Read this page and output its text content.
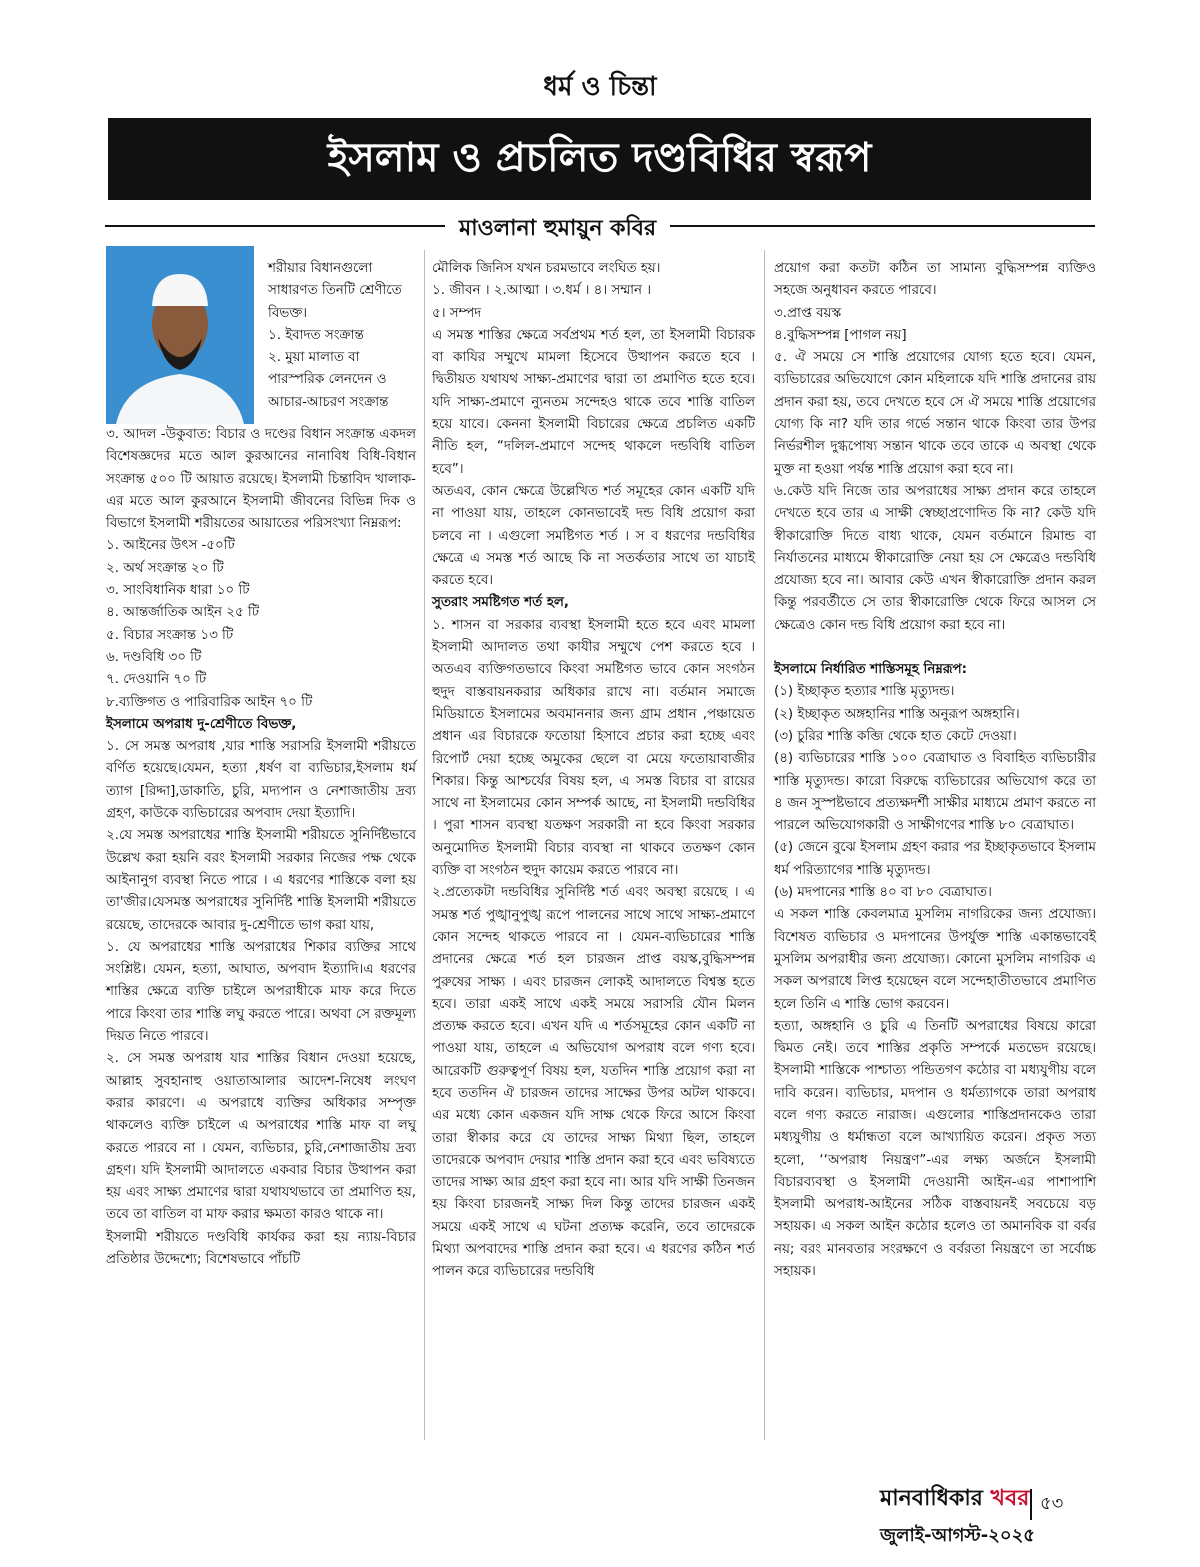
ধর্ম ও চিন্তা
ইসলাম ও প্রচলিত দণ্ডবিধির স্বরূপ
মাওলানা হুমায়ুন কবির

শরীয়ার বিধানগুলো সাধারণত তিনটি শ্রেণীতে বিভক্ত।

১. ইবাদত সংক্রান্ত

২. মুয়া মালাত বা পারস্পরিক লেনদেন ও আচার-আচরণ সংক্রান্ত

৩. আদল -উকুবাত: বিচার ও দণ্ডের বিধান সংক্রান্ত একদল বিশেষজ্ঞদের মতে আল কুরআনের নানাবিধ বিধি-বিধান সংক্রান্ত ৫০০ টি আয়াত রয়েছে। ইসলামী চিন্তাবিদ খালাক-এর মতে আল কুরআনে ইসলামী জীবনের বিভিন্ন দিক ও বিভাগে ইসলামী শরীয়তের আয়াতের পরিসংখ্যা নিম্নরূপ:

১. আইনের উৎস -৫০টি

২. অর্থ সংক্রান্ত ২০ টি

৩. সাংবিধানিক ধারা ১০ টি

৪. আন্তর্জাতিক আইন ২৫ টি

৫. বিচার সংক্রান্ত ১৩ টি

৬. দণ্ডবিধি ৩০ টি

৭. দেওয়ানি ৭০ টি

৮.ব্যক্তিগত ও পারিবারিক আইন ৭০ টি

ইসলামে অপরাধ দু-শ্রেণীতে বিভক্ত,

১. সে সমস্ত অপরাধ ,যার শাস্তি সরাসরি ইসলামী শরীয়তে বর্ণিত হয়েছে।যেমন, হত্যা ,ধর্ষণ বা ব্যভিচার,ইসলাম ধর্ম ত্যাগ [রিদ্দা],ডাকাতি, চুরি, মদ্যপান ও নেশাজাতীয় দ্রব্য গ্রহণ, কাউকে ব্যভিচারের অপবাদ দেয়া ইত্যাদি।

২.যে সমস্ত অপরাধের শাস্তি ইসলামী শরীয়তে সুনির্দিষ্টভাবে উল্লেখ করা হয়নি বরং ইসলামী সরকার নিজের পক্ষ থেকে আইনানুগ ব্যবস্থা নিতে পারে । এ ধরণের শাস্তিকে বলা হয় তা'জীর।যেসমস্ত অপরাধের সুনির্দিষ্ট শাস্তি ইসলামী শরীয়তে রয়েছে, তাদেরকে আবার দু-শ্রেণীতে ভাগ করা যায়,

১. যে অপরাধের শাস্তি অপরাধের শিকার ব্যক্তির সাথে সংশ্লিষ্ট। যেমন, হত্যা, আঘাত, অপবাদ ইত্যাদি।এ ধরণের শাস্তির ক্ষেত্রে ব্যক্তি চাইলে অপরাধীকে মাফ করে দিতে পারে কিংবা তার শাস্তি লঘু করতে পারে। অথবা সে রক্তমূল্য দিয়ত নিতে পারবে।

২. সে সমস্ত অপরাধ যার শাস্তির বিধান দেওয়া হয়েছে, আল্লাহ সুবহানাহু ওয়াতাআলার আদেশ-নিষেধ লংঘণ করার কারণে। এ অপরাধে ব্যক্তির অধিকার সম্পৃক্ত থাকলেও ব্যক্তি চাইলে এ অপরাধের শাস্তি মাফ বা লঘু করতে পারবে না । যেমন, ব্যভিচার, চুরি,নেশাজাতীয় দ্রব্য গ্রহণ। যদি ইসলামী আদালতে একবার বিচার উত্থাপন করা হয় এবং সাক্ষ্য প্রমাণের দ্বারা যথাযথভাবে তা প্রমাণিত হয়, তবে তা বাতিল বা মাফ করার ক্ষমতা কারও থাকে না।

ইসলামী শরীয়তে দণ্ডবিধি কার্যকর করা হয় ন্যায়-বিচার প্রতিষ্ঠার উদ্দেশ্যে; বিশেষভাবে পাঁচটি

মৌলিক জিনিস যখন চরমভাবে লংঘিত হয়।

১. জীবন । ২.আত্মা । ৩.ধর্ম । ৪। সম্মান ।

৫। সম্পদ

এ সমস্ত শাস্তির ক্ষেত্রে সর্বপ্রথম শর্ত হল, তা ইসলামী বিচারক বা কাযির সম্মুখে মামলা হিসেবে উত্থাপন করতে হবে । দ্বিতীয়ত যথাযথ সাক্ষ্য-প্রমাণের দ্বারা তা প্রমাণিত হতে হবে। যদি সাক্ষ্য-প্রমাণে ন্যুনতম সন্দেহও থাকে তবে শাস্তি বাতিল হয়ে যাবে। কেননা ইসলামী বিচারের ক্ষেত্রে প্রচলিত একটি নীতি হল, “দলিল-প্রমাণে সন্দেহ থাকলে দন্ডবিধি বাতিল হবে”।

অতএব, কোন ক্ষেত্রে উল্লেখিত শর্ত সমূহের কোন একটি যদি না পাওয়া যায়, তাহলে কোনভাবেই দন্ড বিধি প্রয়োগ করা চলবে না । এগুলো সমষ্টিগত শর্ত । স ব ধরণের দন্ডবিধির ক্ষেত্রে এ সমস্ত শর্ত আছে কি না সতর্কতার সাথে তা যাচাই করতে হবে।

সুতরাং সমষ্টিগত শর্ত হল,

১. শাসন বা সরকার ব্যবস্থা ইসলামী হতে হবে এবং মামলা ইসলামী আদালত তথা কাযীর সম্মুখে পেশ করতে হবে । অতএব ব্যক্তিগতভাবে কিংবা সমষ্টিগত ভাবে কোন সংগঠন হুদুদ বাস্তবায়নকরার অধিকার রাখে না। বর্তমান সমাজে মিডিয়াতে ইসলামের অবমাননার জন্য গ্রাম প্রধান ,পঞ্চায়েত প্রধান এর বিচারকে ফতোয়া হিসাবে প্রচার করা হচ্ছে এবং রিপোর্ট দেয়া হচ্ছে অমুকের ছেলে বা মেয়ে ফতোয়াবাজীর শিকার। কিন্তু আশ্চর্যের বিষয় হল, এ সমস্ত বিচার বা রায়ের সাথে না ইসলামের কোন সম্পর্ক আছে, না ইসলামী দন্ডবিধির । পুরা শাসন ব্যবস্থা যতক্ষণ সরকারী না হবে কিংবা সরকার অনুমোদিত ইসলামী বিচার ব্যবস্থা না থাকবে ততক্ষণ কোন ব্যক্তি বা সংগঠন হুদুদ কায়েম করতে পারবে না।

২.প্রত্যেকটা দন্ডবিধির সুনির্দিষ্ট শর্ত এবং অবস্থা রয়েছে । এ সমস্ত শর্ত পুঙ্খানুপুঙ্খ রূপে পালনের সাথে সাথে সাক্ষ্য-প্রমাণে কোন সন্দেহ থাকতে পারবে না । যেমন-ব্যভিচারের শাস্তি প্রদানের ক্ষেত্রে শর্ত হল চারজন প্রাপ্ত বয়স্ক,বুদ্ধিসম্পন্ন পুরুষের সাক্ষ্য । এবং চারজন লোকই আদালতে বিশ্বস্ত হতে হবে। তারা একই সাথে একই সময়ে সরাসরি যৌন মিলন প্রত্যক্ষ করতে হবে। এখন যদি এ শর্তসমূহের কোন একটি না পাওয়া যায়, তাহলে এ অভিযোগ অপরাধ বলে গণ্য হবে। আরেকটি গুরুত্বপূর্ণ বিষয় হল, যতদিন শাস্তি প্রয়োগ করা না হবে ততদিন ঐ চারজন তাদের সাক্ষের উপর অটল থাকবে। এর মধ্যে কোন একজন যদি সাক্ষ থেকে ফিরে আসে কিংবা তারা স্বীকার করে যে তাদের সাক্ষ্য মিথ্যা ছিল, তাহলে তাদেরকে অপবাদ দেয়ার শাস্তি প্রদান করা হবে এবং ভবিষ্যতে তাদের সাক্ষ্য আর গ্রহণ করা হবে না। আর যদি সাক্ষী তিনজন হয় কিংবা চারজনই সাক্ষ্য দিল কিন্তু তাদের চারজন একই সময়ে একই সাথে এ ঘটনা প্রত্যক্ষ করেনি, তবে তাদেরকে মিথ্যা অপবাদের শাস্তি প্রদান করা হবে। এ ধরণের কঠিন শর্ত পালন করে ব্যভিচারের দন্ডবিধি

প্রয়োগ করা কতটা কঠিন তা সামান্য বুদ্ধিসম্পন্ন ব্যক্তিও সহজে অনুধাবন করতে পারবে।

৩.প্রাপ্ত বয়স্ক

৪.বুদ্ধিসম্পন্ন [পাগল নয়]

৫. ঐ সময়ে সে শাস্তি প্রয়োগের যোগ্য হতে হবে। যেমন, ব্যভিচারের অভিযোগে কোন মহিলাকে যদি শাস্তি প্রদানের রায় প্রদান করা হয়, তবে দেখতে হবে সে ঐ সময়ে শাস্তি প্রয়োগের যোগ্য কি না? যদি তার গর্ভে সন্তান থাকে কিংবা তার উপর নির্ভরশীল দুগ্ধপোষ্য সন্তান থাকে তবে তাকে এ অবস্থা থেকে মুক্ত না হওয়া পর্যন্ত শাস্তি প্রয়োগ করা হবে না।

৬.কেউ যদি নিজে তার অপরাধের সাক্ষ্য প্রদান করে তাহলে দেখতে হবে তার এ সাক্ষী স্বেচ্ছাপ্রণোদিত কি না? কেউ যদি স্বীকারোক্তি দিতে বাধ্য থাকে, যেমন বর্তমানে রিমান্ড বা নির্যাতনের মাধ্যমে স্বীকারোক্তি নেয়া হয় সে ক্ষেত্রেও দন্ডবিধি প্রযোজ্য হবে না। আবার কেউ এখন স্বীকারোক্তি প্রদান করল কিন্তু পরবর্তীতে সে তার স্বীকারোক্তি থেকে ফিরে আসল সে ক্ষেত্রেও কোন দন্ড বিধি প্রয়োগ করা হবে না।

ইসলামে নির্ধারিত শাস্তিসমূহ নিম্নরূপ:

(১) ইচ্ছাকৃত হত্যার শাস্তি মৃত্যুদন্ড।

(২) ইচ্ছাকৃত অঙ্গহানির শাস্তি অনুরূপ অঙ্গহানি।

(৩) চুরির শাস্তি কব্জি থেকে হাত কেটে দেওয়া।

(৪) ব্যভিচারের শাস্তি ১০০ বেত্রাঘাত ও বিবাহিত ব্যভিচারীর শাস্তি মৃত্যুদন্ড। কারো বিরুদ্ধে ব্যভিচারের অভিযোগ করে তা ৪ জন সুস্পষ্টভাবে প্রত্যক্ষদর্শী সাক্ষীর মাধ্যমে প্রমাণ করতে না পারলে অভিযোগকারী ও সাক্ষীগণের শাস্তি ৮০ বেত্রাঘাত।

(৫) জেনে বুঝে ইসলাম গ্রহণ করার পর ইচ্ছাকৃতভাবে ইসলাম ধর্ম পরিত্যাগের শাস্তি মৃত্যুদন্ড।

(৬) মদপানের শাস্তি ৪০ বা ৮০ বেত্রাঘাত।

এ সকল শাস্তি কেবলমাত্র মুসলিম নাগরিকের জন্য প্রযোজ্য। বিশেষত ব্যভিচার ও মদপানের উপর্যুক্ত শাস্তি একান্তভাবেই মুসলিম অপরাধীর জন্য প্রযোজ্য। কোনো মুসলিম নাগরিক এ সকল অপরাধে লিপ্ত হয়েছেন বলে সন্দেহাতীতভাবে প্রমাণিত হলে তিনি এ শাস্তি ভোগ করবেন।

হত্যা, অঙ্গহানি ও চুরি এ তিনটি অপরাধের বিষয়ে কারো দ্বিমত নেই। তবে শাস্তির প্রকৃতি সম্পর্কে মতভেদ রয়েছে। ইসলামী শাস্তিকে পাশ্চাত্য পন্ডিতগণ কঠোর বা মধ্যযুগীয় বলে দাবি করেন। ব্যভিচার, মদপান ও ধর্মত্যাগকে তারা অপরাধ বলে গণ্য করতে নারাজ। এগুলোর শাস্তিপ্রদানকেও তারা মধ্যযুগীয় ও ধর্মান্ধতা বলে আখ্যায়িত করেন। প্রকৃত সত্য হলো, ‘‘অপরাধ নিয়ন্ত্রণ”-এর লক্ষ্য অর্জনে ইসলামী বিচারব্যবস্থা ও ইসলামী দেওয়ানী আইন-এর পাশাপাশি ইসলামী অপরাধ-আইনের সঠিক বাস্তবায়নই সবচেয়ে বড় সহায়ক। এ সকল আইন কঠোর হলেও তা অমানবিক বা বর্বর নয়; বরং মানবতার সংরক্ষণে ও বর্বরতা নিয়ন্ত্রণে তা সর্বোচ্চ সহায়ক।

মানবাধিকার খবর
জুলাই-আগস্ট-২০২৫
৫৩
